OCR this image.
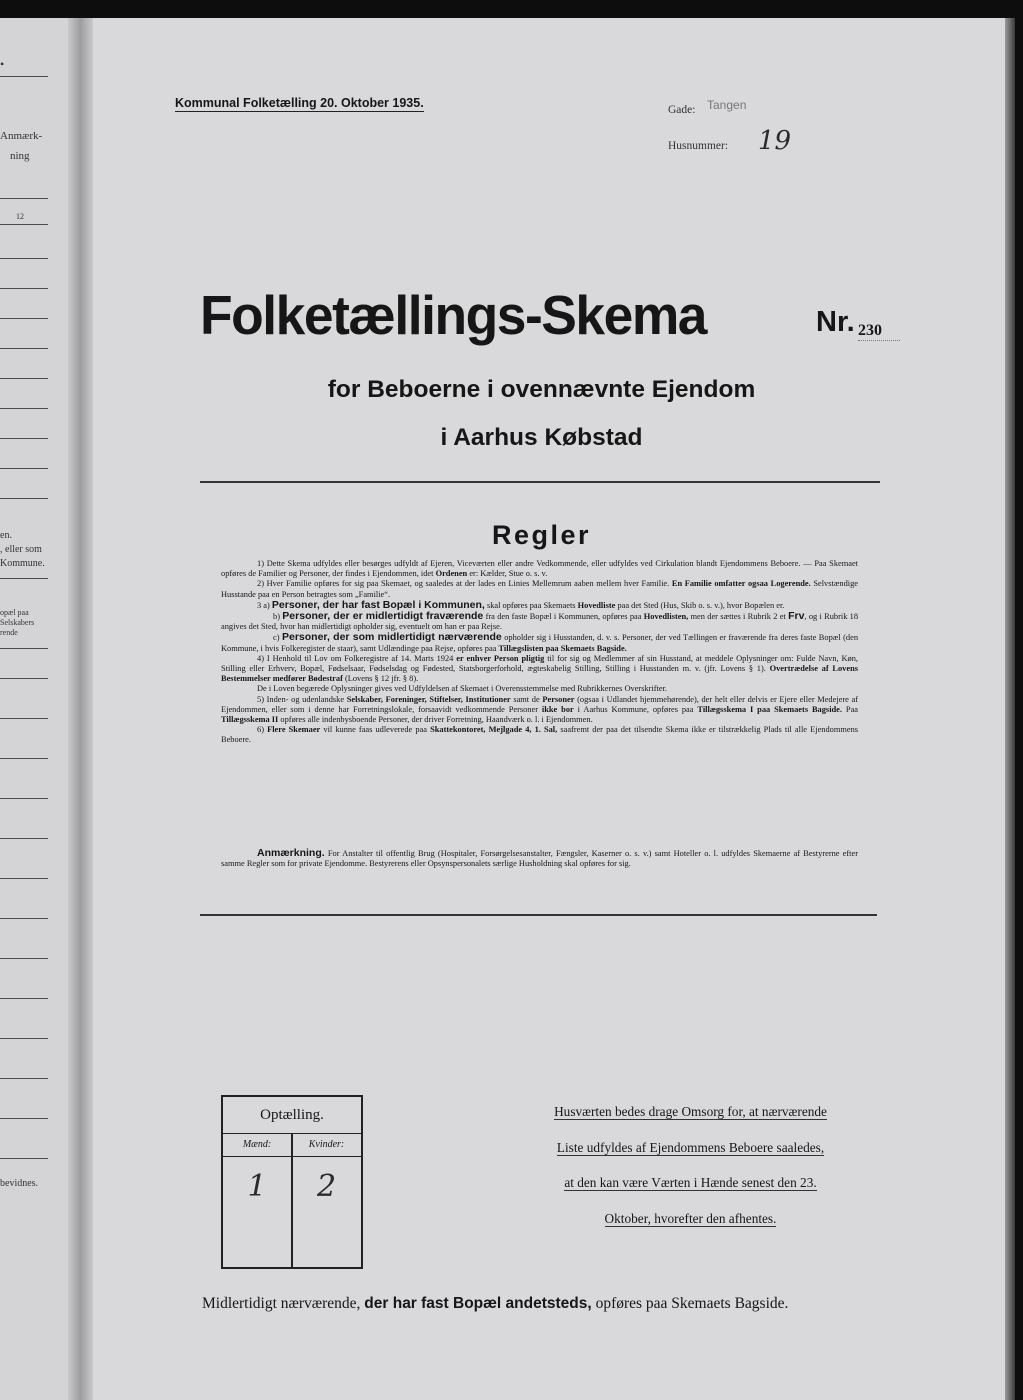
•
Anmærk-
ning
12
en.
, eller som
Kommune.
opæl paa
Selskabers
rende
bevidnes.
Kommunal Folketælling 20. Oktober 1935.	Gade: Tangen
Husnummer: 19
Folketællings-Skema	Nr. 230
for Beboerne i ovennævnte Ejendom
i Aarhus Købstad
Regler

1) Dette Skema udfyldes eller besørges udfyldt af Ejeren, Viceværten eller andre Vedkommende, eller udfyldes ved Cirkulation blandt Ejendommens Beboere. — Paa Skemaet opføres de Familier og Personer, der findes i Ejendommen, idet Ordenen er: Kælder, Stue o. s. v.

2) Hver Familie opføres for sig paa Skemaet, og saaledes at der lades en Linies Mellemrum aaben mellem hver Familie. En Familie omfatter ogsaa Logerende. Selvstændige Husstande paa en Person betragtes som „Familie“.

3 a) Personer, der har fast Bopæl i Kommunen, skal opføres paa Skemaets Hovedliste paa det Sted (Hus, Skib o. s. v.), hvor Bopælen er.

b) Personer, der er midlertidigt fraværende fra den faste Bopæl i Kommunen, opføres paa Hovedlisten, men der sættes i Rubrik 2 et Frv, og i Rubrik 18 angives det Sted, hvor han midlertidigt opholder sig, eventuelt om han er paa Rejse.

c) Personer, der som midlertidigt nærværende opholder sig i Husstanden, d. v. s. Personer, der ved Tællingen er fraværende fra deres faste Bopæl (den Kommune, i hvis Folkeregister de staar), samt Udlændinge paa Rejse, opføres paa Tillægslisten paa Skemaets Bagside.

4) I Henhold til Lov om Folkeregistre af 14. Marts 1924 er enhver Person pligtig til for sig og Medlemmer af sin Husstand, at meddele Oplysninger om: Fulde Navn, Køn, Stilling eller Erhverv, Bopæl, Fødselsaar, Fødselsdag og Fødested, Statsborgerforhold, ægteskabelig Stilling, Stilling i Husstanden m. v. (jfr. Lovens § 1). Overtrædelse af Lovens Bestemmelser medfører Bødestraf (Lovens § 12 jfr. § 8).

De i Loven begærede Oplysninger gives ved Udfyldelsen af Skemaet i Overensstemmelse med Rubrikkernes Overskrifter.

5) Inden- og udenlandske Selskaber, Foreninger, Stiftelser, Institutioner samt de Personer (ogsaa i Udlandet hjemmehørende), der helt eller delvis er Ejere eller Medejere af Ejendommen, eller som i denne har Forretningslokale, forsaavidt vedkommende Personer ikke bor i Aarhus Kommune, opføres paa Tillægsskema I paa Skemaets Bagside. Paa Tillægsskema II opføres alle indenbysboende Personer, der driver Forretning, Haandværk o. l. i Ejendommen.

6) Flere Skemaer vil kunne faas udleverede paa Skattekontoret, Mejlgade 4, 1. Sal, saafremt der paa det tilsendte Skema ikke er tilstrækkelig Plads til alle Ejendommens Beboere.

Anmærkning. For Anstalter til offentlig Brug (Hospitaler, Forsørgelsesanstalter, Fængsler, Kaserner o. s. v.) samt Hoteller o. l. udfyldes Skemaerne af Bestyrerne efter samme Regler som for private Ejendomme. Bestyrerens eller Opsynspersonalets særlige Husholdning skal opføres for sig.
Optælling.
Mænd:	Kvinder:
1	2
Husværten bedes drage Omsorg for, at nærværende
Liste udfyldes af Ejendommens Beboere saaledes,
at den kan være Værten i Hænde senest den 23.
Oktober, hvorefter den afhentes.
Midlertidigt nærværende, der har fast Bopæl andetsteds, opføres paa Skemaets Bagside.
